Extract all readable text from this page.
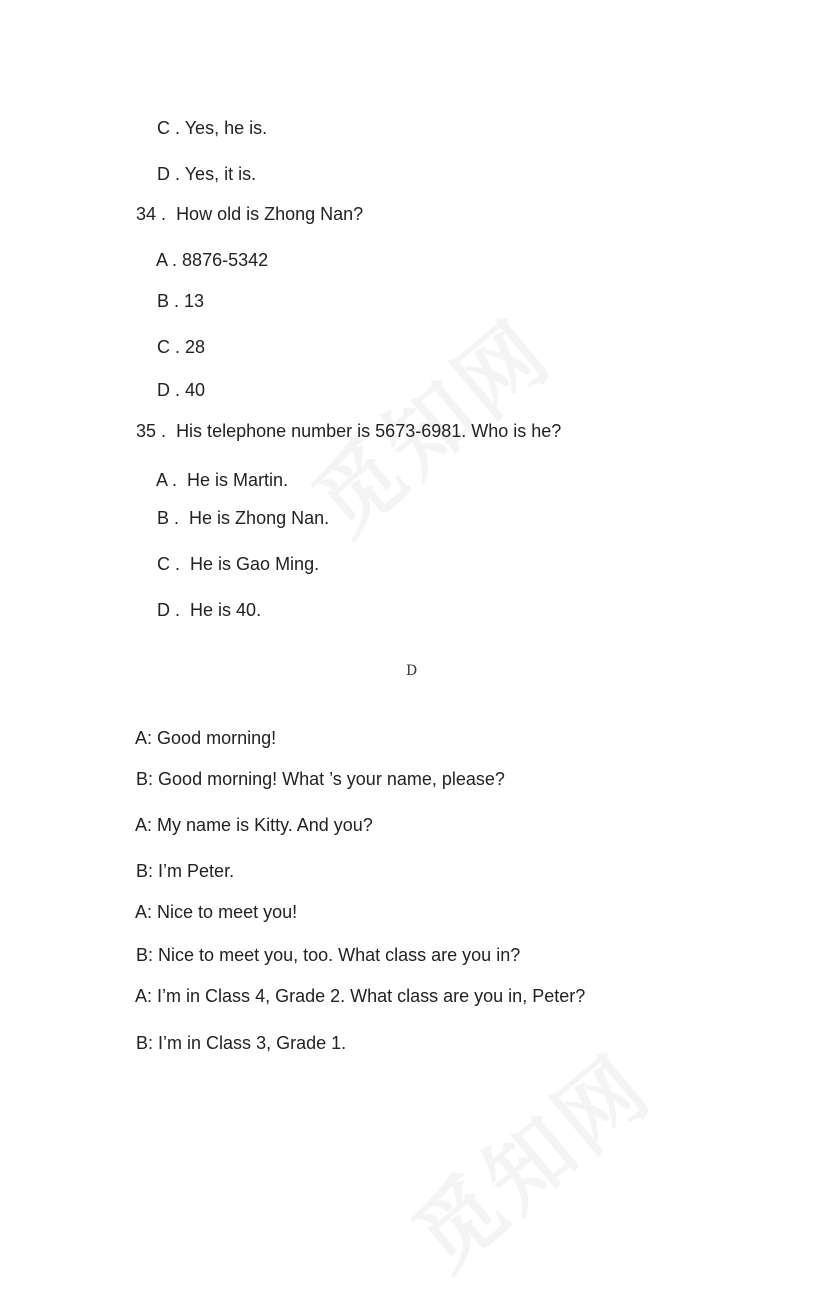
C . Yes, he is.

D . Yes, it is.

34 .  How old is Zhong Nan?

A . 8876-5342

B . 13

C . 28

D . 40

35 .  His telephone number is 5673-6981. Who is he?

A .  He is Martin.

B .  He is Zhong Nan.

C .  He is Gao Ming.

D .  He is 40.

D

A: Good morning!

B: Good morning! What ’s your name, please?

A: My name is Kitty. And you?

B: I’m Peter.

A: Nice to meet you!

B: Nice to meet you, too. What class are you in?

A: I’m in Class 4, Grade 2. What class are you in, Peter?

B: I’m in Class 3, Grade 1.
